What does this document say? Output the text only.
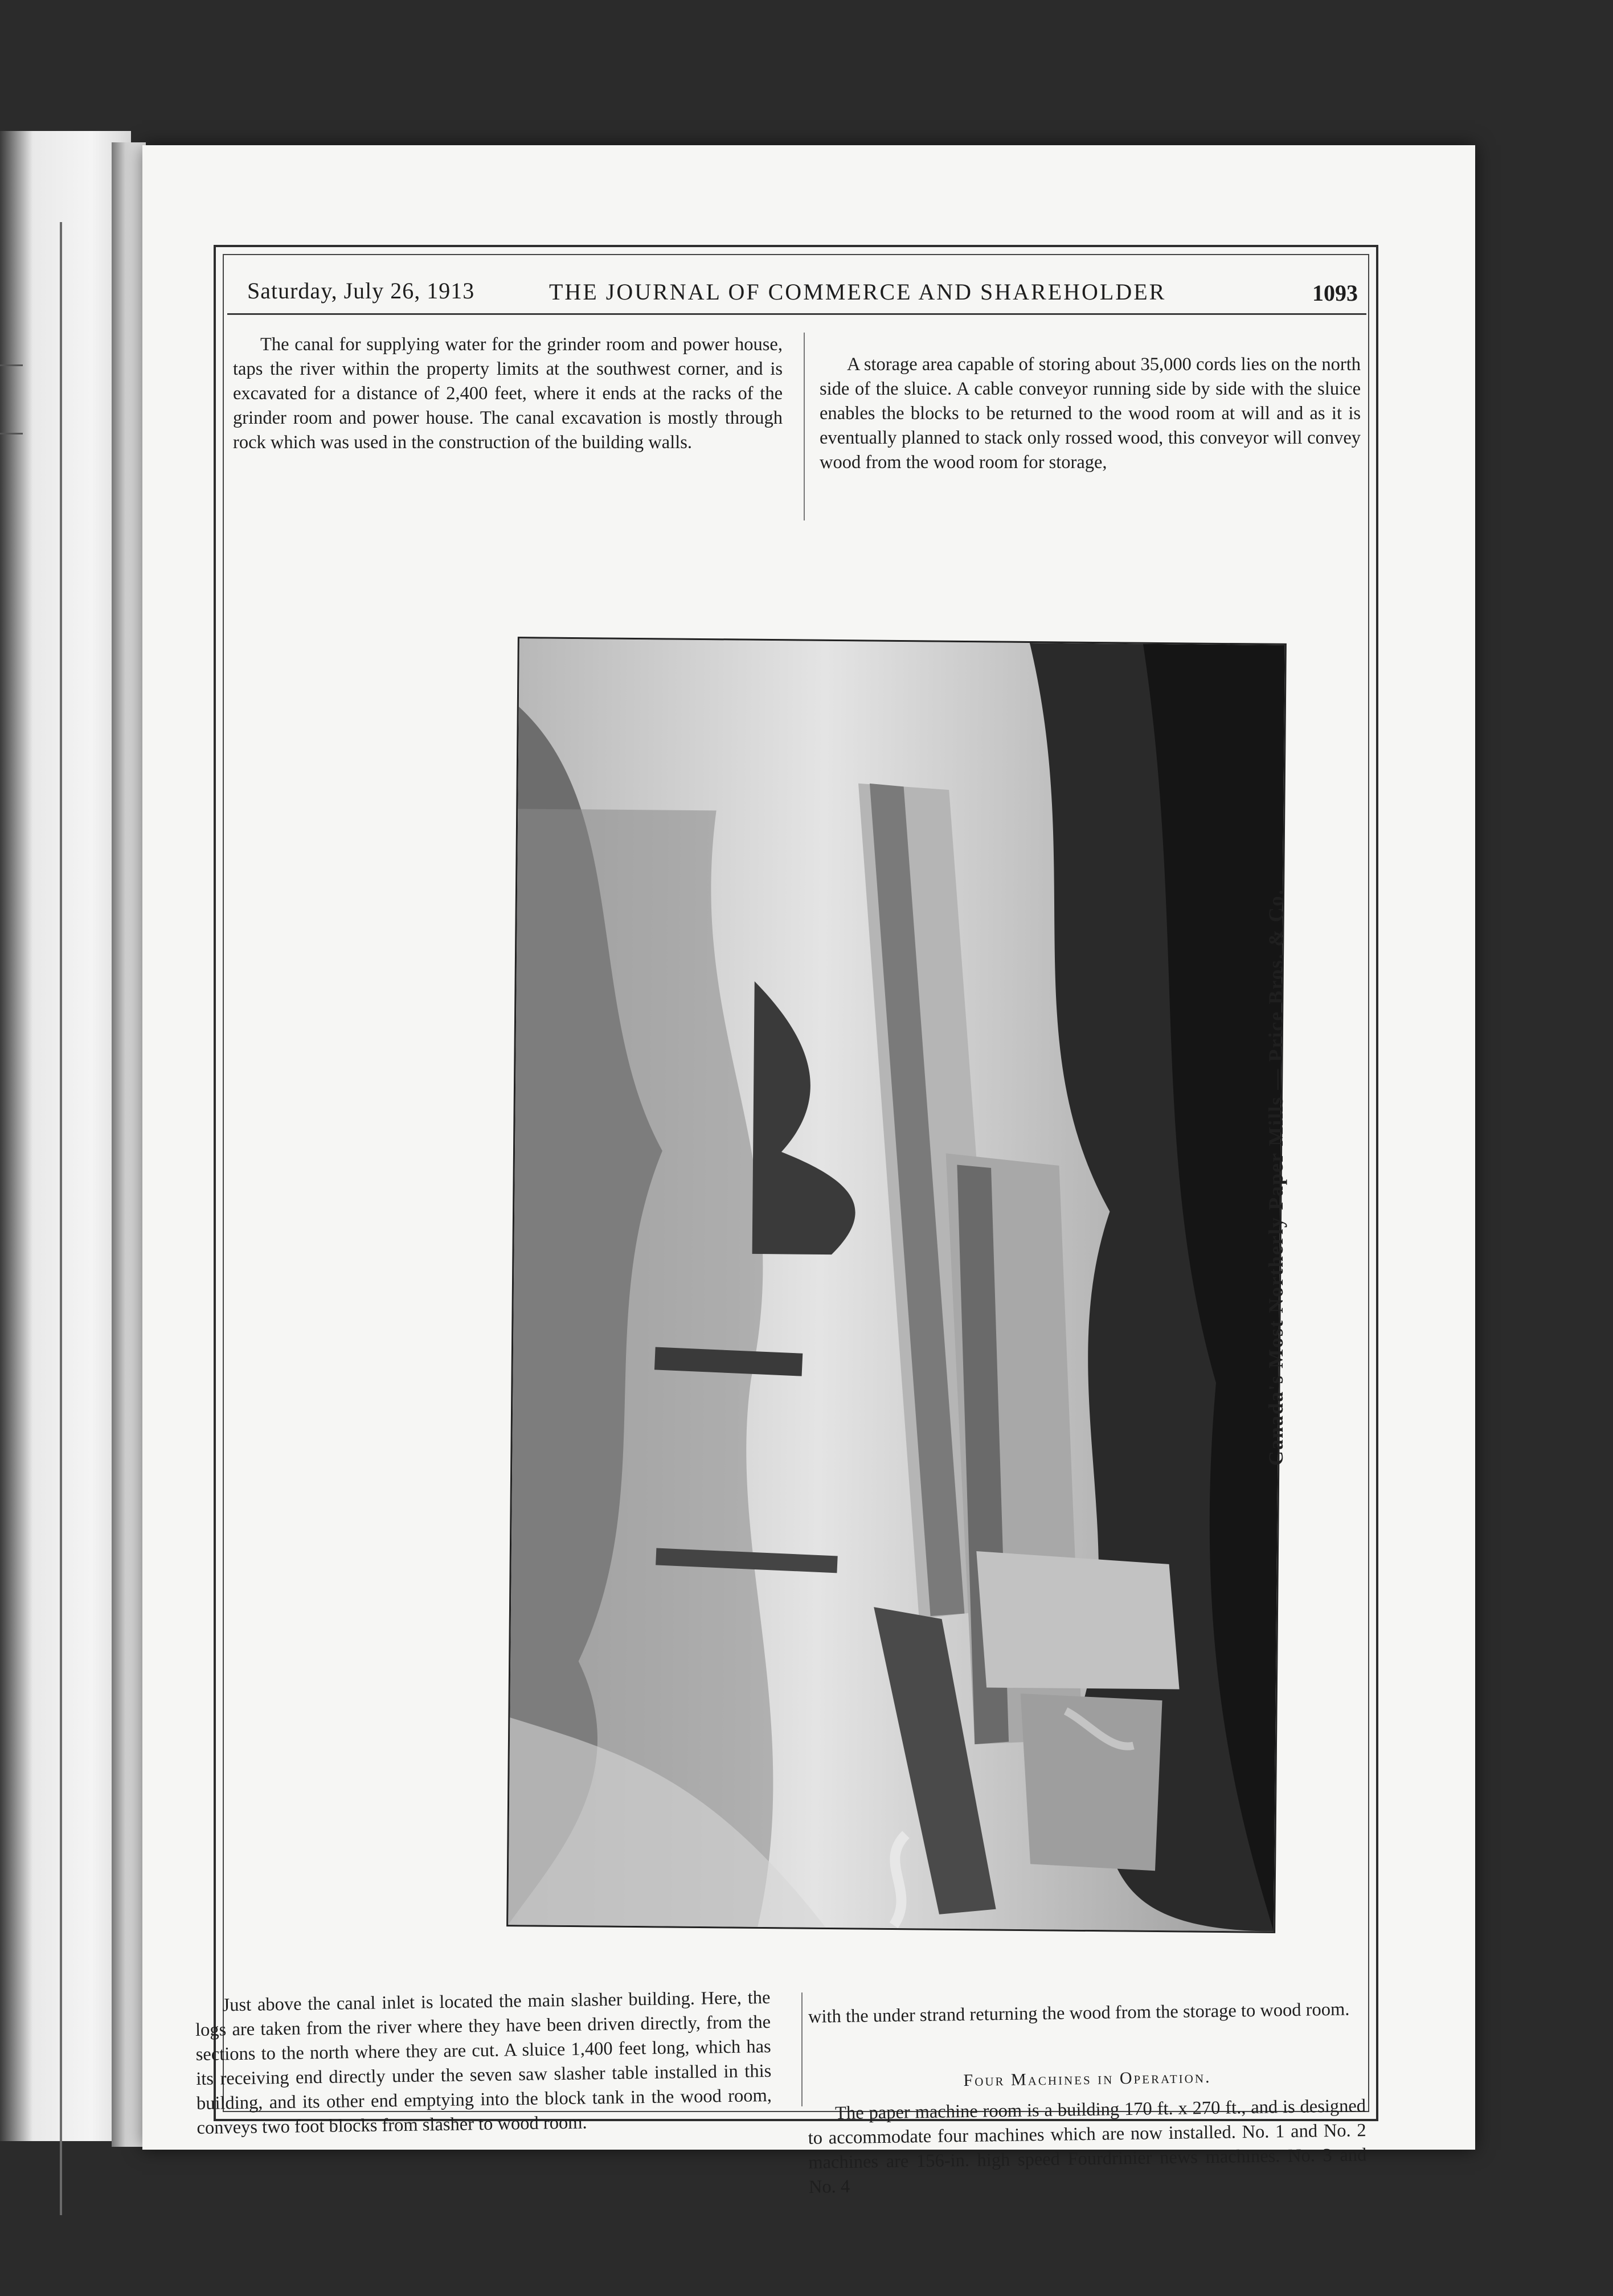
Saturday, July 26, 1913	THE JOURNAL OF COMMERCE AND SHAREHOLDER	1093

The canal for supplying water for the grinder room and power house, taps the river within the property limits at the southwest corner, and is excavated for a distance of 2,400 feet, where it ends at the racks of the grinder room and power house. The canal excavation is mostly through rock which was used in the construction of the building walls.

A storage area capable of storing about 35,000 cords lies on the north side of the sluice. A cable conveyor running side by side with the sluice enables the blocks to be returned to the wood room at will and as it is eventually planned to stack only rossed wood, this conveyor will convey wood from the wood room for storage,

Canada's Most Northerly Paper Mills — Price Bros. & Co.

Just above the canal inlet is located the main slasher building. Here, the logs are taken from the river where they have been driven directly, from the sections to the north where they are cut. A sluice 1,400 feet long, which has its receiving end directly under the seven saw slasher table installed in this building, and its other end emptying into the block tank in the wood room, conveys two foot blocks from slasher to wood room.

with the under strand returning the wood from the storage to wood room.

Four Machines in Operation.

The paper machine room is a building 170 ft. x 270 ft., and is designed to accommodate four machines which are now installed. No. 1 and No. 2 machines are 156-in. high speed Fourdrinier news machines. No. 3 and No. 4
